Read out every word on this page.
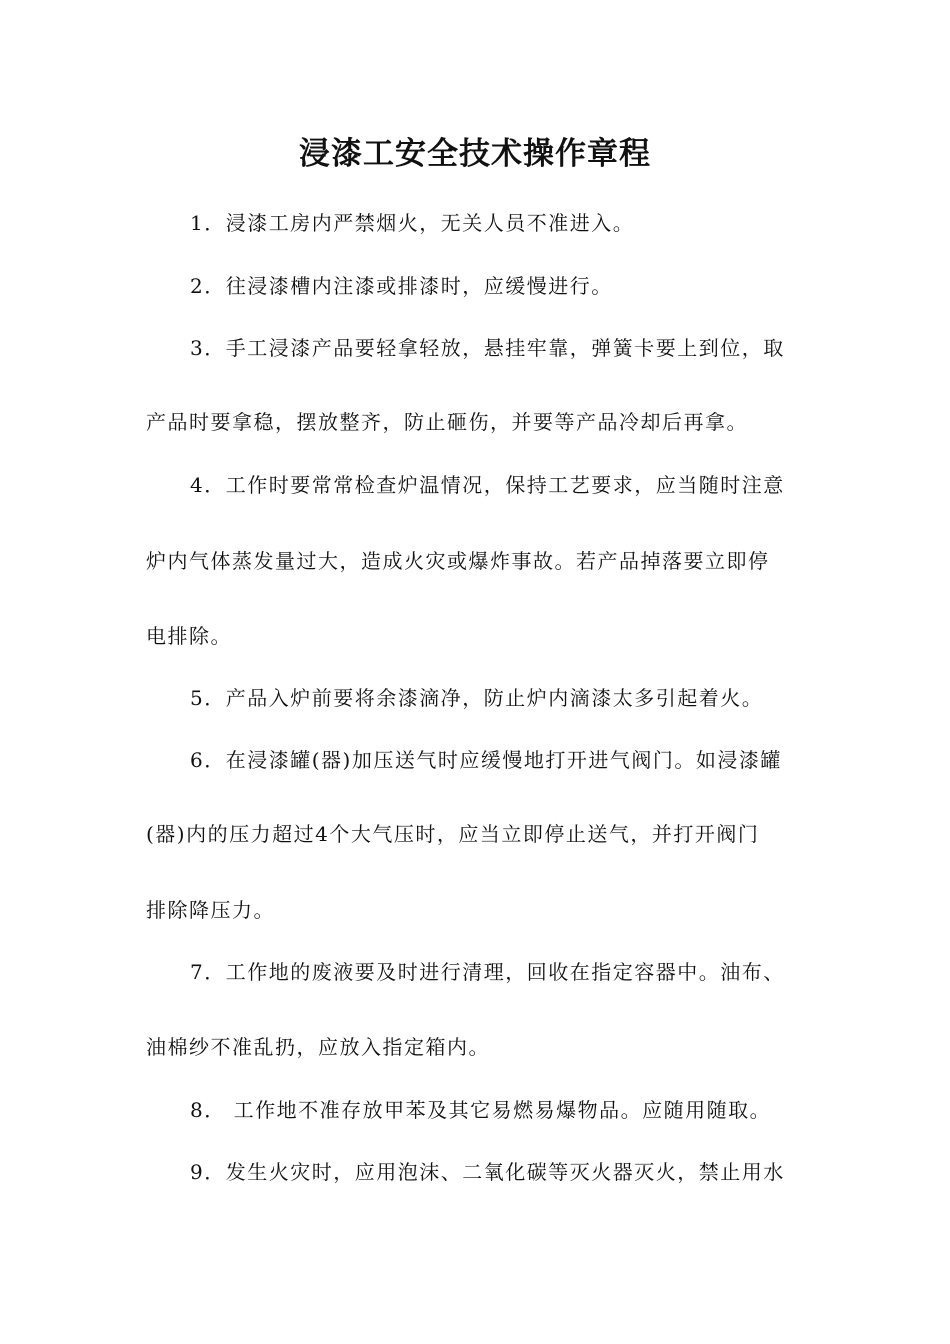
浸漆工安全技术操作章程
1．浸漆工房内严禁烟火，无关人员不准进入。
2．往浸漆槽内注漆或排漆时，应缓慢进行。
3．手工浸漆产品要轻拿轻放，悬挂牢靠，弹簧卡要上到位，取
产品时要拿稳，摆放整齐，防止砸伤，并要等产品冷却后再拿。
4．工作时要常常检查炉温情况，保持工艺要求，应当随时注意
炉内气体蒸发量过大，造成火灾或爆炸事故。若产品掉落要立即停
电排除。
5．产品入炉前要将余漆滴净，防止炉内滴漆太多引起着火。
6．在浸漆罐(器)加压送气时应缓慢地打开进气阀门。如浸漆罐
(器)内的压力超过4个大气压时，应当立即停止送气，并打开阀门
排除降压力。
7．工作地的废液要及时进行清理，回收在指定容器中。油布、
油棉纱不准乱扔，应放入指定箱内。
8． 工作地不准存放甲苯及其它易燃易爆物品。应随用随取。
9．发生火灾时，应用泡沫、二氧化碳等灭火器灭火，禁止用水
